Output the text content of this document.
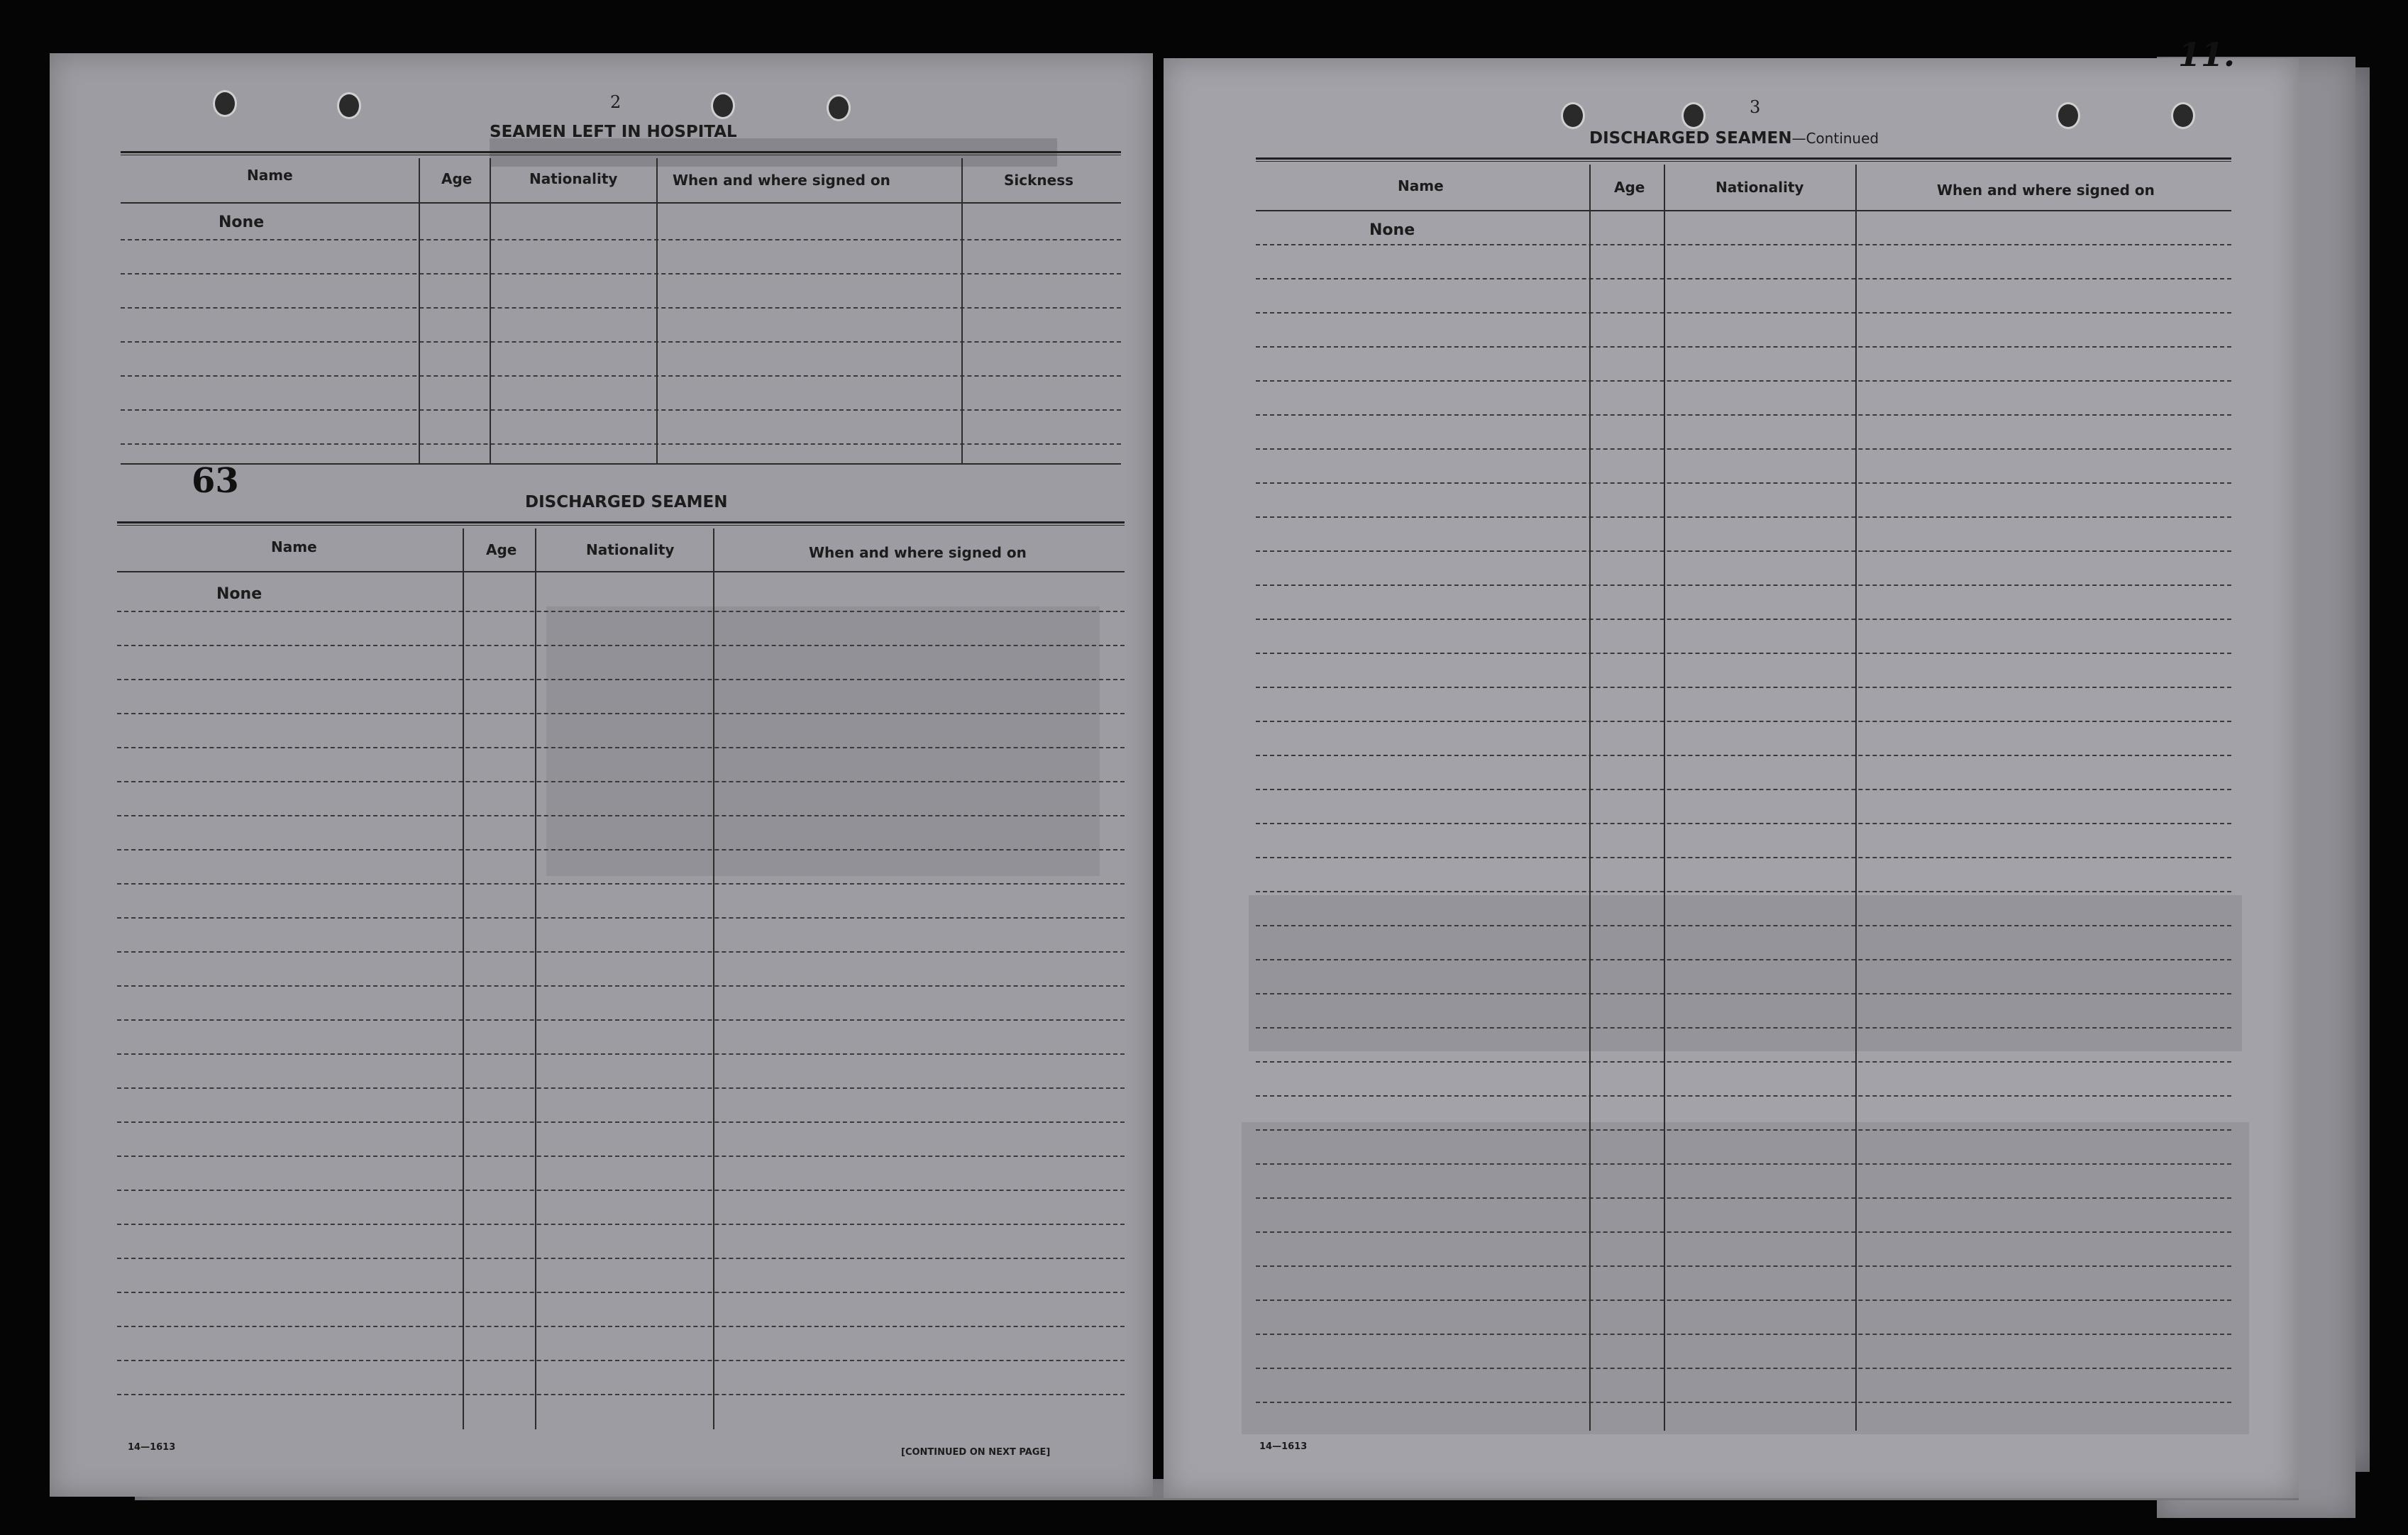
2
SEAMEN LEFT IN HOSPITAL
Name	Age	Nationality	When and where signed on	Sickness
None
63
DISCHARGED SEAMEN
Name	Age	Nationality	When and where signed on
None
14—1613	[CONTINUED ON NEXT PAGE]
3
DISCHARGED SEAMEN—Continued
Name	Age	Nationality	When and where signed on
None
14—1613
11.
